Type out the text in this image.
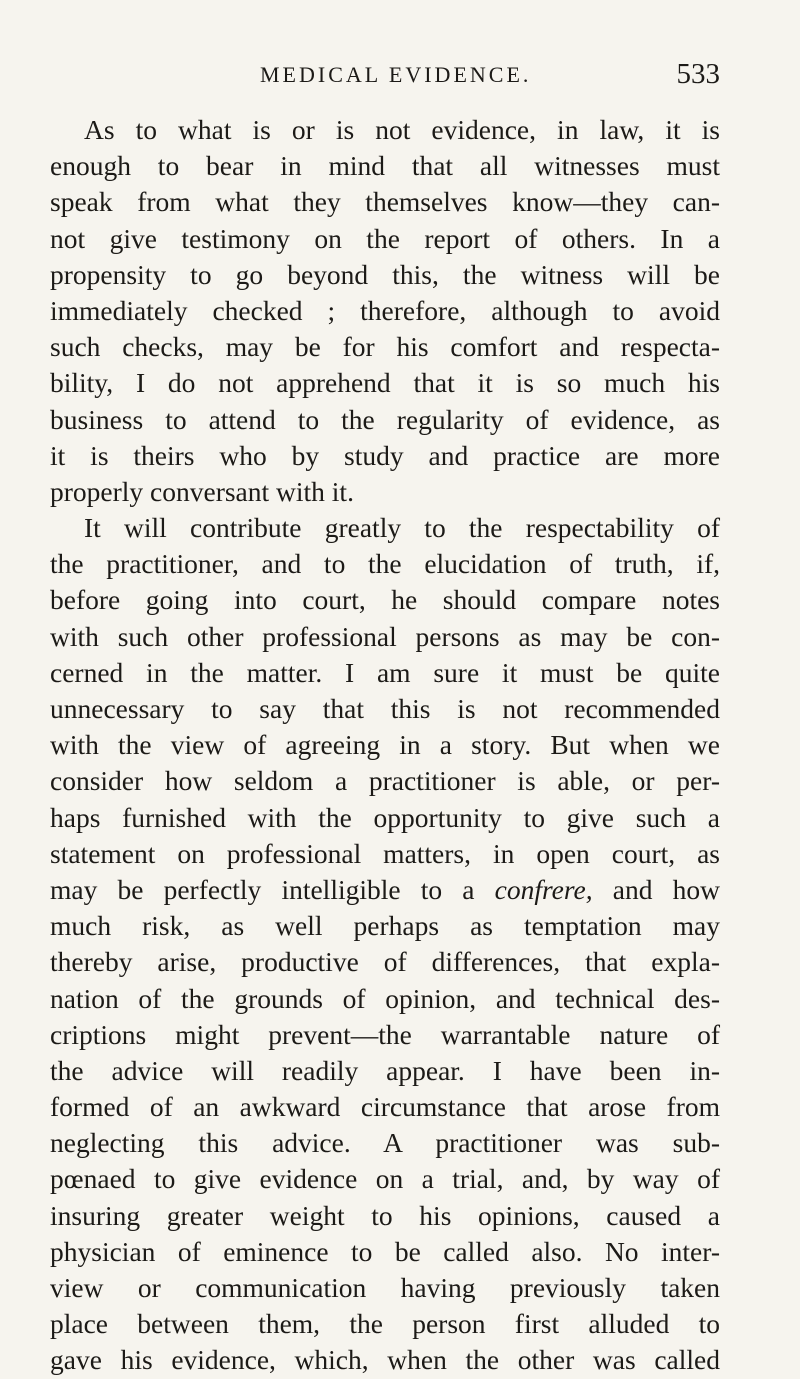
MEDICAL EVIDENCE.	533
As to what is or is not evidence, in law, it is
enough to bear in mind that all witnesses must
speak from what they themselves know—they can-
not give testimony on the report of others. In a
propensity to go beyond this, the witness will be
immediately checked ; therefore, although to avoid
such checks, may be for his comfort and respecta-
bility, I do not apprehend that it is so much his
business to attend to the regularity of evidence, as
it is theirs who by study and practice are more
properly conversant with it.
It will contribute greatly to the respectability of
the practitioner, and to the elucidation of truth, if,
before going into court, he should compare notes
with such other professional persons as may be con-
cerned in the matter. I am sure it must be quite
unnecessary to say that this is not recommended
with the view of agreeing in a story. But when we
consider how seldom a practitioner is able, or per-
haps furnished with the opportunity to give such a
statement on professional matters, in open court, as
may be perfectly intelligible to a confrere, and how
much risk, as well perhaps as temptation may
thereby arise, productive of differences, that expla-
nation of the grounds of opinion, and technical des-
criptions might prevent—the warrantable nature of
the advice will readily appear. I have been in-
formed of an awkward circumstance that arose from
neglecting this advice. A practitioner was sub-
pœnaed to give evidence on a trial, and, by way of
insuring greater weight to his opinions, caused a
physician of eminence to be called also. No inter-
view or communication having previously taken
place between them, the person first alluded to
gave his evidence, which, when the other was called
